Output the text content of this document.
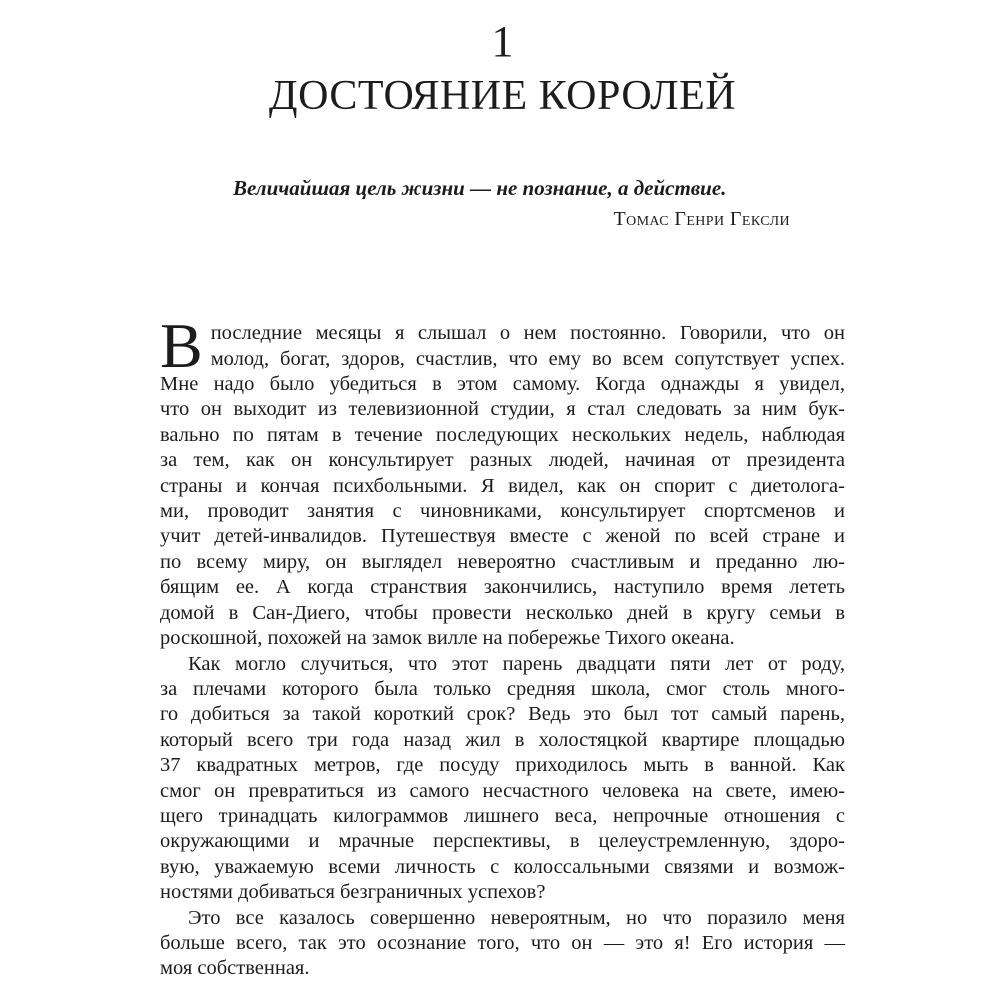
1
ДОСТОЯНИЕ КОРОЛЕЙ

Величайшая цель жизни — не познание, а действие.

Томас Генри Гексли

В последние месяцы я слышал о нем постоянно. Говорили, что он
молод, богат, здоров, счастлив, что ему во всем сопутствует успех.
Мне надо было убедиться в этом самому. Когда однажды я увидел,
что он выходит из телевизионной студии, я стал следовать за ним бук-
вально по пятам в течение последующих нескольких недель, наблюдая
за тем, как он консультирует разных людей, начиная от президента
страны и кончая психбольными. Я видел, как он спорит с диетолога-
ми, проводит занятия с чиновниками, консультирует спортсменов и
учит детей-инвалидов. Путешествуя вместе с женой по всей стране и
по всему миру, он выглядел невероятно счастливым и преданно лю-
бящим ее. А когда странствия закончились, наступило время лететь
домой в Сан-Диего, чтобы провести несколько дней в кругу семьи в
роскошной, похожей на замок вилле на побережье Тихого океана.
Как могло случиться, что этот парень двадцати пяти лет от роду,
за плечами которого была только средняя школа, смог столь много-
го добиться за такой короткий срок? Ведь это был тот самый парень,
который всего три года назад жил в холостяцкой квартире площадью
37 квадратных метров, где посуду приходилось мыть в ванной. Как
смог он превратиться из самого несчастного человека на свете, имею-
щего тринадцать килограммов лишнего веса, непрочные отношения с
окружающими и мрачные перспективы, в целеустремленную, здоро-
вую, уважаемую всеми личность с колоссальными связями и возмож-
ностями добиваться безграничных успехов?
Это все казалось совершенно невероятным, но что поразило меня
больше всего, так это осознание того, что он — это я! Его история —
моя собственная.
